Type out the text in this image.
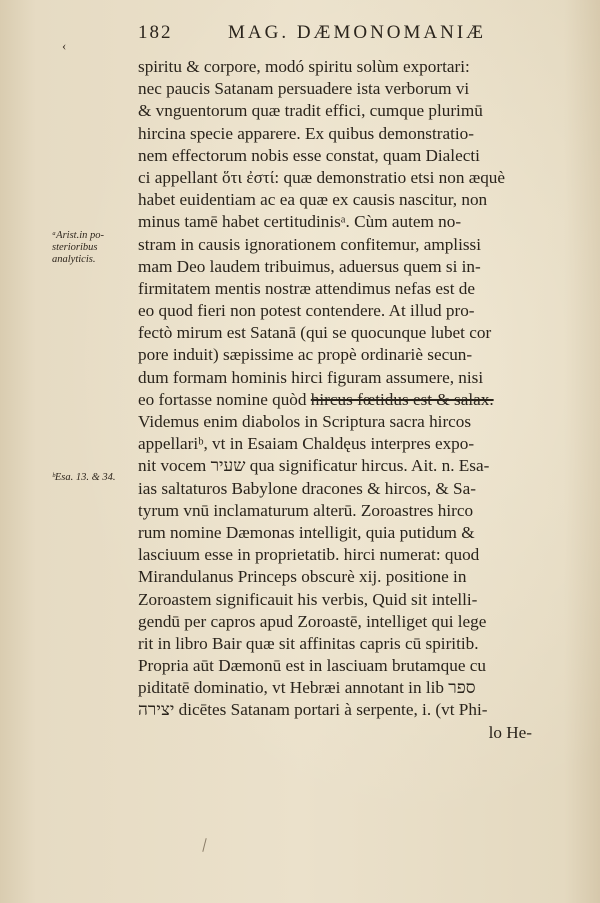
‹
182	MAG. DÆMONOMANIÆ
ᵃArist.in po- sterioribus analyticis.
ᵇEsa. 13. & 34.
spiritu & corpore, modó spiritu solùm exportari:
nec paucis Satanam persuadere ista verborum vi
& vnguentorum quæ tradit effici, cumque plurimū
hircina specie apparere. Ex quibus demonstratio-
nem effectorum nobis esse constat, quam Dialecti
ci appellant ὅτι ἐστί: quæ demonstratio etsi non æquè
habet euidentiam ac ea quæ ex causis nascitur, non
minus tamē habet certitudinisᵃ. Cùm autem no-
stram in causis ignorationem confitemur, amplissi
mam Deo laudem tribuimus, aduersus quem si in-
firmitatem mentis nostræ attendimus nefas est de
eo quod fieri non potest contendere. At illud pro-
fectò mirum est Satanā (qui se quocunque lubet cor
pore induit) sæpissime ac propè ordinariè secun-
dum formam hominis hirci figuram assumere, nisi
eo fortasse nomine quòd hircus fœtidus est & salax.
Videmus enim diabolos in Scriptura sacra hircos
appellariᵇ, vt in Esaiam Chaldęus interpres expo-
nit vocem שעיר qua significatur hircus. Ait. n. Esa-
ias saltaturos Babylone dracones & hircos, & Sa-
tyrum vnū inclamaturum alterū. Zoroastres hirco
rum nomine Dæmonas intelligit, quia putidum &
lasciuum esse in proprietatib. hirci numerat: quod
Mirandulanus Princeps obscurè xij. positione in
Zoroastem significauit his verbis, Quid sit intelli-
gendū per capros apud Zoroastē, intelliget qui lege
rit in libro Bair quæ sit affinitas capris cū spiritib.
Propria aūt Dæmonū est in lasciuam brutamque cu
piditatē dominatio, vt Hebræi annotant in lib ספר
יצירה dicētes Satanam portari à serpente, i. (vt Phi-
lo He-
